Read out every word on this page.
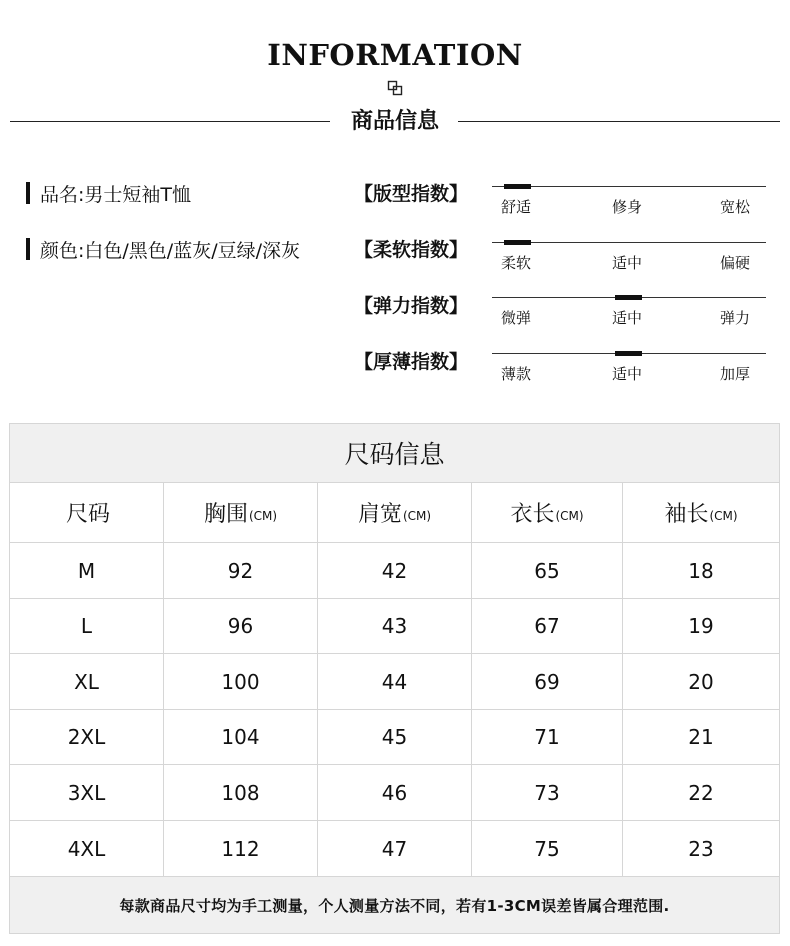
INFORMATION
商品信息
品名:男士短袖T恤
颜色:白色/黑色/蓝灰/豆绿/深灰
【版型指数】
舒适	修身	宽松
【柔软指数】
柔软	适中	偏硬
【弹力指数】
微弹	适中	弹力
【厚薄指数】
薄款	适中	加厚
尺码信息
尺码	胸围 (CM)	肩宽 (CM)	衣长 (CM)	袖长 (CM)
M	92	42	65	18
L	96	43	67	19
XL	100	44	69	20
2XL	104	45	71	21
3XL	108	46	73	22
4XL	112	47	75	23
每款商品尺寸均为手工测量，个人测量方法不同，若有1-3CM误差皆属合理范围.
